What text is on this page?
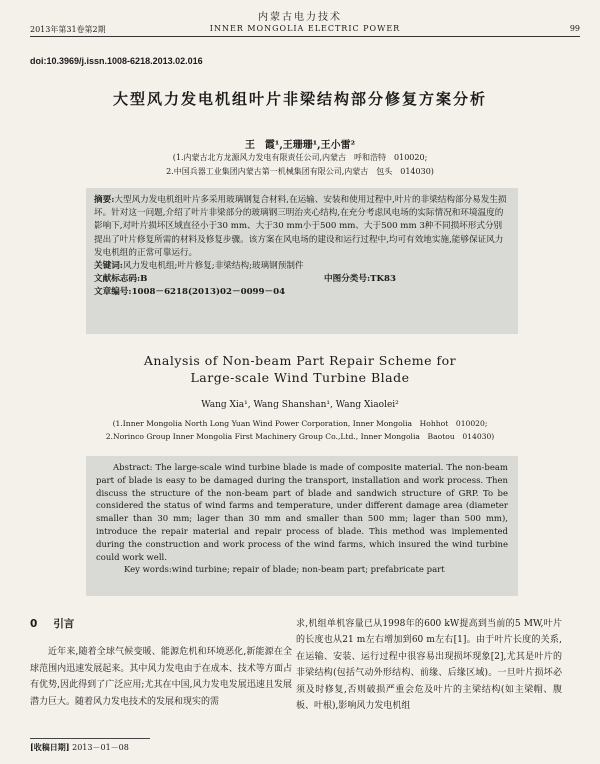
内蒙古电力技术
2013年第31卷第2期	INNER MONGOLIA ELECTRIC POWER	99
doi:10.3969/j.issn.1008-6218.2013.02.016
大型风力发电机组叶片非梁结构部分修复方案分析
王　霞¹,王珊珊¹,王小雷²
(1.内蒙古北方龙源风力发电有限责任公司,内蒙古　呼和浩特　010020;
2.中国兵器工业集团内蒙古第一机械集团有限公司,内蒙古　包头　014030)
摘要:大型风力发电机组叶片多采用玻璃钢复合材料,在运输、安装和使用过程中,叶片的非梁结构部分易发生损坏。针对这一问题,介绍了叶片非梁部分的玻璃钢三明治夹心结构,在充分考虑风电场的实际情况和环境温度的影响下,对叶片损坏区域直径小于30 mm、大于30 mm小于500 mm、大于500 mm 3种不同损坏形式分别提出了叶片修复所需的材料及修复步骤。该方案在风电场的建设和运行过程中,均可有效地实施,能够保证风力发电机组的正常可靠运行。
关键词:风力发电机组;叶片修复;非梁结构;玻璃钢预制件
文献标志码:B	中图分类号:TK83
文章编号:1008－6218(2013)02－0099－04
Analysis of Non-beam Part Repair Scheme for
Large-scale Wind Turbine Blade
Wang Xia¹, Wang Shanshan¹, Wang Xiaolei²
(1.Inner Mongolia North Long Yuan Wind Power Corporation, Inner Mongolia　Hohhot　010020;
2.Norinco Group Inner Mongolia First Machinery Group Co.,Ltd., Inner Mongolia　Baotou　014030)
Abstract: The large-scale wind turbine blade is made of composite material. The non-beam part of blade is easy to be damaged during the transport, installation and work process. Then discuss the structure of the non-beam part of blade and sandwich structure of GRP. To be considered the status of wind farms and temperature, under different damage area (diameter smaller than 30 mm; lager than 30 mm and smaller than 500 mm; lager than 500 mm), introduce the repair material and repair process of blade. This method was implemented during the construction and work process of the wind farms, which insured the wind turbine could work well.
Key words:wind turbine; repair of blade; non-beam part; prefabricate part
0 引言
近年来,随着全球气候变暖、能源危机和环境恶化,新能源在全球范围内迅速发展起来。其中风力发电由于在成本、技术等方面占有优势,因此得到了广泛应用;尤其在中国,风力发电发展迅速且发展潜力巨大。随着风力发电技术的发展和现实的需
求,机组单机容量已从1998年的600 kW提高到当前的5 MW,叶片的长度也从21 m左右增加到60 m左右[1]。由于叶片长度的关系,在运输、安装、运行过程中很容易出现损坏现象[2],尤其是叶片的非梁结构(包括气动外形结构、前缘、后缘区域)。一旦叶片损坏必须及时修复,否则破损严重会危及叶片的主梁结构(如主梁帽、腹板、叶根),影响风力发电机组
[收稿日期] 2013－01－08
